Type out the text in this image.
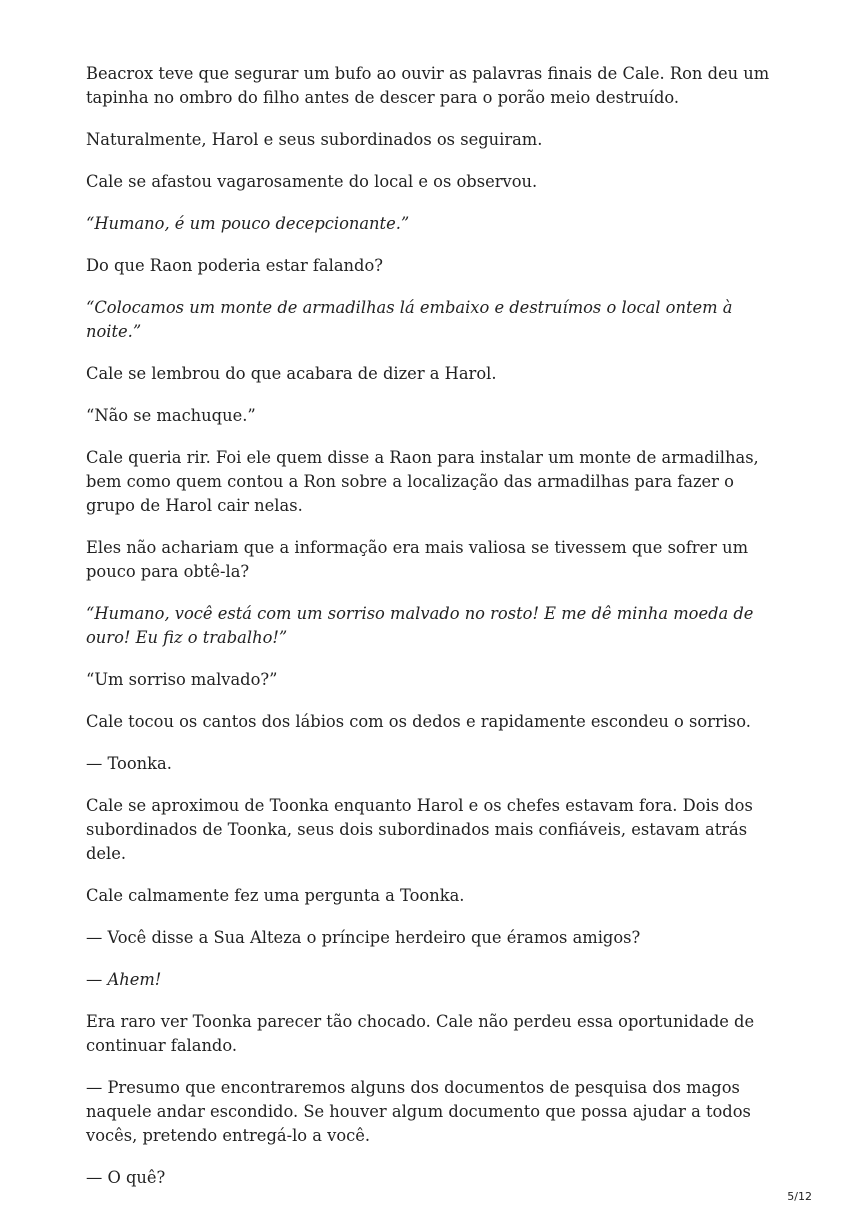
Beacrox teve que segurar um bufo ao ouvir as palavras finais de Cale. Ron deu um tapinha no ombro do filho antes de descer para o porão meio destruído.

Naturalmente, Harol e seus subordinados os seguiram.

Cale se afastou vagarosamente do local e os observou.

“Humano, é um pouco decepcionante.”

Do que Raon poderia estar falando?

“Colocamos um monte de armadilhas lá embaixo e destruímos o local ontem à noite.”

Cale se lembrou do que acabara de dizer a Harol.

“Não se machuque.”

Cale queria rir. Foi ele quem disse a Raon para instalar um monte de armadilhas, bem como quem contou a Ron sobre a localização das armadilhas para fazer o grupo de Harol cair nelas.

Eles não achariam que a informação era mais valiosa se tivessem que sofrer um pouco para obtê-la?

“Humano, você está com um sorriso malvado no rosto! E me dê minha moeda de ouro! Eu fiz o trabalho!”

“Um sorriso malvado?”

Cale tocou os cantos dos lábios com os dedos e rapidamente escondeu o sorriso.

— Toonka.

Cale se aproximou de Toonka enquanto Harol e os chefes estavam fora. Dois dos subordinados de Toonka, seus dois subordinados mais confiáveis, estavam atrás dele.

Cale calmamente fez uma pergunta a Toonka.

— Você disse a Sua Alteza o príncipe herdeiro que éramos amigos?

— Ahem!

Era raro ver Toonka parecer tão chocado. Cale não perdeu essa oportunidade de continuar falando.

— Presumo que encontraremos alguns dos documentos de pesquisa dos magos naquele andar escondido. Se houver algum documento que possa ajudar a todos vocês, pretendo entregá-lo a você.

— O quê?

5/12
